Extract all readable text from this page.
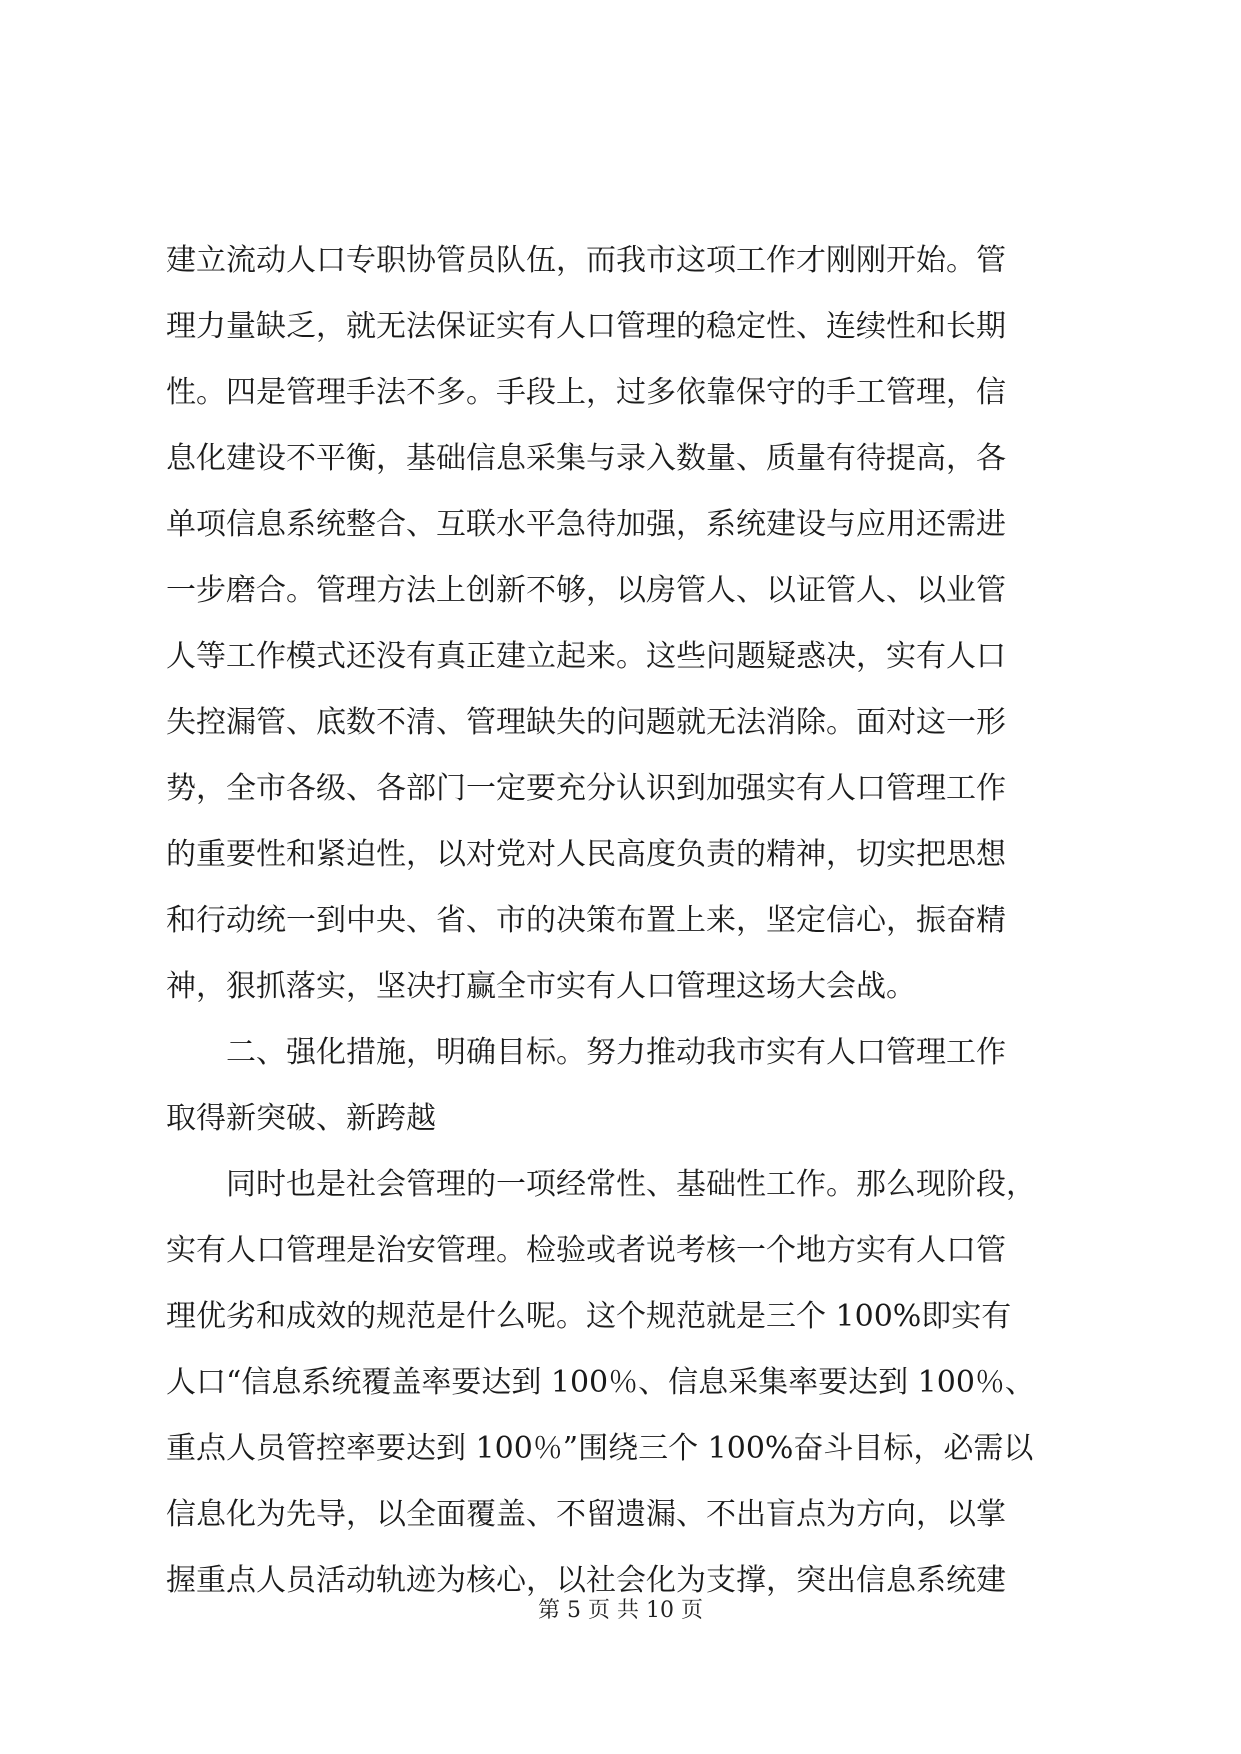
建立流动人口专职协管员队伍，而我市这项工作才刚刚开始。管
理力量缺乏，就无法保证实有人口管理的稳定性、连续性和长期
性。四是管理手法不多。手段上，过多依靠保守的手工管理，信
息化建设不平衡，基础信息采集与录入数量、质量有待提高，各
单项信息系统整合、互联水平急待加强，系统建设与应用还需进
一步磨合。管理方法上创新不够，以房管人、以证管人、以业管
人等工作模式还没有真正建立起来。这些问题疑惑决，实有人口
失控漏管、底数不清、管理缺失的问题就无法消除。面对这一形
势，全市各级、各部门一定要充分认识到加强实有人口管理工作
的重要性和紧迫性，以对党对人民高度负责的精神，切实把思想
和行动统一到中央、省、市的决策布置上来，坚定信心，振奋精
神，狠抓落实，坚决打赢全市实有人口管理这场大会战。
　　二、强化措施，明确目标。努力推动我市实有人口管理工作
取得新突破、新跨越
　　同时也是社会管理的一项经常性、基础性工作。那么现阶段，
实有人口管理是治安管理。检验或者说考核一个地方实有人口管
理优劣和成效的规范是什么呢。这个规范就是三个 100%即实有
人口“信息系统覆盖率要达到 100％、信息采集率要达到 100％、
重点人员管控率要达到 100％”围绕三个 100%奋斗目标，必需以
信息化为先导，以全面覆盖、不留遗漏、不出盲点为方向，以掌
握重点人员活动轨迹为核心，以社会化为支撑，突出信息系统建
第 5 页 共 10 页
